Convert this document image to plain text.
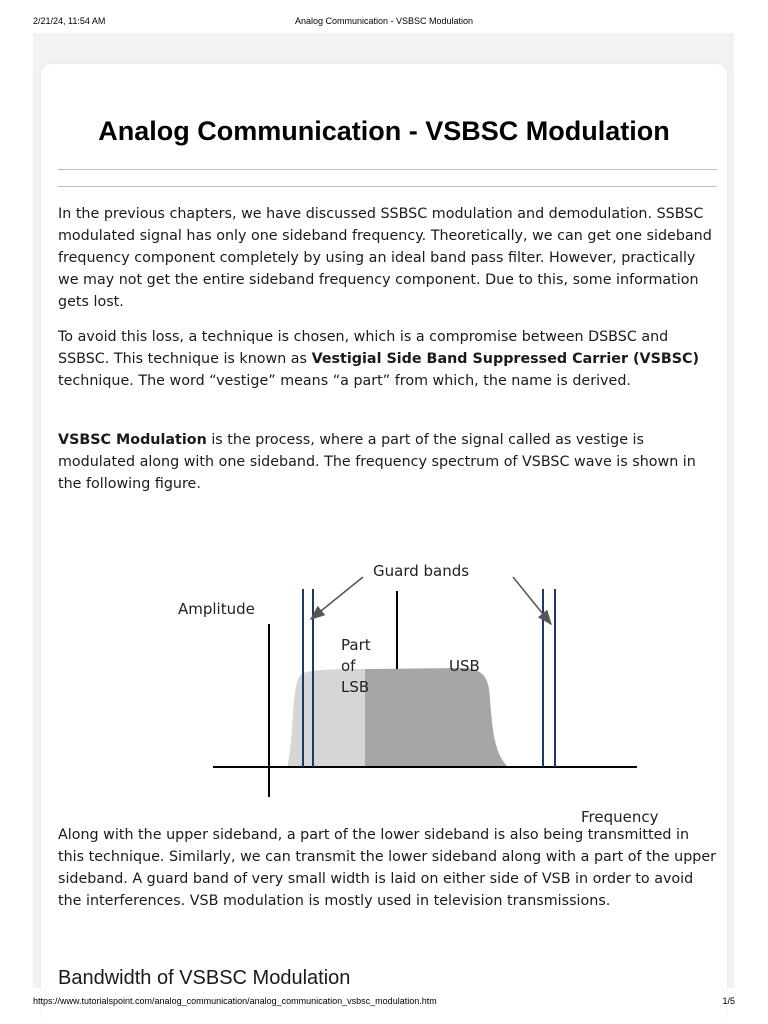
2/21/24, 11:54 AM	Analog Communication - VSBSC Modulation
Analog Communication - VSBSC Modulation

In the previous chapters, we have discussed SSBSC modulation and demodulation. SSBSC modulated signal has only one sideband frequency. Theoretically, we can get one sideband frequency component completely by using an ideal band pass filter. However, practically we may not get the entire sideband frequency component. Due to this, some information gets lost.

To avoid this loss, a technique is chosen, which is a compromise between DSBSC and SSBSC. This technique is known as Vestigial Side Band Suppressed Carrier (VSBSC) technique. The word “vestige” means “a part” from which, the name is derived.

VSBSC Modulation is the process, where a part of the signal called as vestige is modulated along with one sideband. The frequency spectrum of VSBSC wave is shown in the following figure.

Guard bands
Amplitude
Frequency
Part
of
LSB
USB

Along with the upper sideband, a part of the lower sideband is also being transmitted in this technique. Similarly, we can transmit the lower sideband along with a part of the upper sideband. A guard band of very small width is laid on either side of VSB in order to avoid the interferences. VSB modulation is mostly used in television transmissions.

Bandwidth of VSBSC Modulation
https://www.tutorialspoint.com/analog_communication/analog_communication_vsbsc_modulation.htm	1/5
